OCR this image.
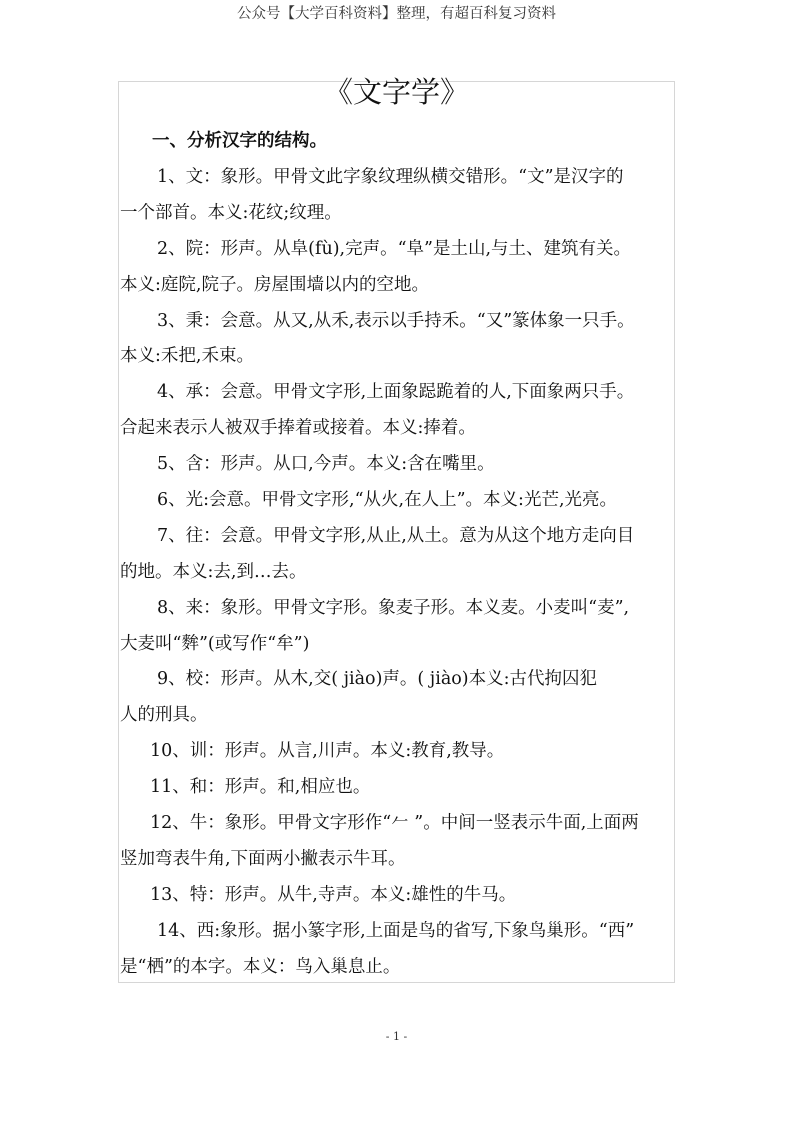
公众号【大学百科资料】整理，有超百科复习资料
《文字学》
一、分析汉字的结构。
1、文：象形。甲骨文此字象纹理纵横交错形。“文”是汉字的
一个部首。本义:花纹;纹理。
2、院：形声。从阜(fù),完声。“阜”是土山,与土、建筑有关。
本义:庭院,院子。房屋围墙以内的空地。
3、秉：会意。从又,从禾,表示以手持禾。“又”篆体象一只手。
本义:禾把,禾束。
4、承：会意。甲骨文字形,上面象跽跪着的人,下面象两只手。
合起来表示人被双手捧着或接着。本义:捧着。
5、含：形声。从口,今声。本义:含在嘴里。
6、光:会意。甲骨文字形,“从火,在人上”。本义:光芒,光亮。
7、往：会意。甲骨文字形,从止,从土。意为从这个地方走向目
的地。本义:去,到…去。
8、来：象形。甲骨文字形。象麦子形。本义麦。小麦叫“麦”,
大麦叫“麰”(或写作“牟”)
9、校：形声。从木,交( jiào)声。( jiào)本义:古代拘囚犯
人的刑具。
10、训：形声。从言,川声。本义:教育,教导。
11、和：形声。和,相应也。
12、牛：象形。甲骨文字形作“𠂉 ”。中间一竖表示牛面,上面两
竖加弯表牛角,下面两小撇表示牛耳。
13、特：形声。从牛,寺声。本义:雄性的牛马。
14、西:象形。据小篆字形,上面是鸟的省写,下象鸟巢形。“西”
是“栖”的本字。本义：鸟入巢息止。
- 1 -
